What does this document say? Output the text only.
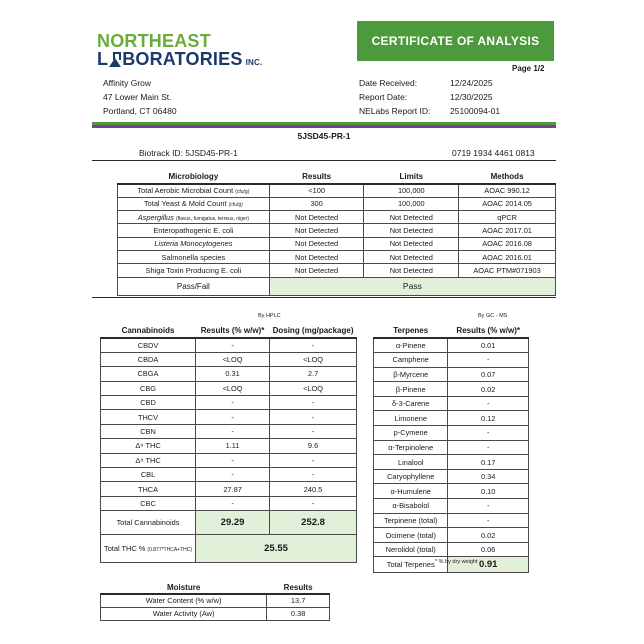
NORTHEAST
L BORATORIES INC.
CERTIFICATE OF ANALYSIS
Page 1/2
Affinity Grow
47 Lower Main St.
Portland, CT 06480
Date Received:	12/24/2025
Report Date:	12/30/2025
NELabs Report ID: 25100094-01
5JSD45-PR-1
Biotrack ID: 5JSD45-PR-1	0719 1934 4461 0813
Microbiology	Results	Limits	Methods
Total Aerobic Microbial Count (cfu/g)	<100	100,000	AOAC 990.12
Total Yeast & Mold Count (cfu/g)	300	100,000	AOAC 2014.05
Aspergillus (flavus, fumigatus, terreus, niger)	Not Detected	Not Detected	qPCR
Enteropathogenic E. coli	Not Detected	Not Detected	AOAC 2017.01
Listeria Monocytogenes	Not Detected	Not Detected	AOAC 2016.08
Salmonella species	Not Detected	Not Detected	AOAC 2016.01
Shiga Toxin Producing E. coli	Not Detected	Not Detected	AOAC PTM#071903
Pass/Fail	Pass		
By HPLC
Cannabinoids	Results (% w/w)*	Dosing (mg/package)
CBDV	-	-
CBDA	<LOQ	<LOQ
CBGA	0.31	2.7
CBG	<LOQ	<LOQ
CBD	-	-
THCV	-	-
CBN	-	-
Δ⁹ THC	1.11	9.6
Δ⁸ THC	-	-
CBL	-	-
THCA	27.87	240.5
CBC	-	-
Total Cannabinoids	29.29	252.8
Total THC % (0.877*THCA+THC)	25.55	
By GC - MS
Terpenes	Results (% w/w)*
α-Pinene	0.01
Camphene	-
β-Myrcene	0.07
β-Pinene	0.02
δ-3-Carene	-
Limonene	0.12
p-Cymene	-
α-Terpinolene	-
Linalool	0.17
Caryophyllene	0.34
α-Humulene	0.10
α-Bisabolol	-
Terpinene (total)	-
Ocimene (total)	0.02
Nerolidol (total)	0.06
Total Terpenes	0.91
* % by dry weight
Moisture	Results
Water Content (% w/w)	13.7
Water Activity (Aw)	0.38
